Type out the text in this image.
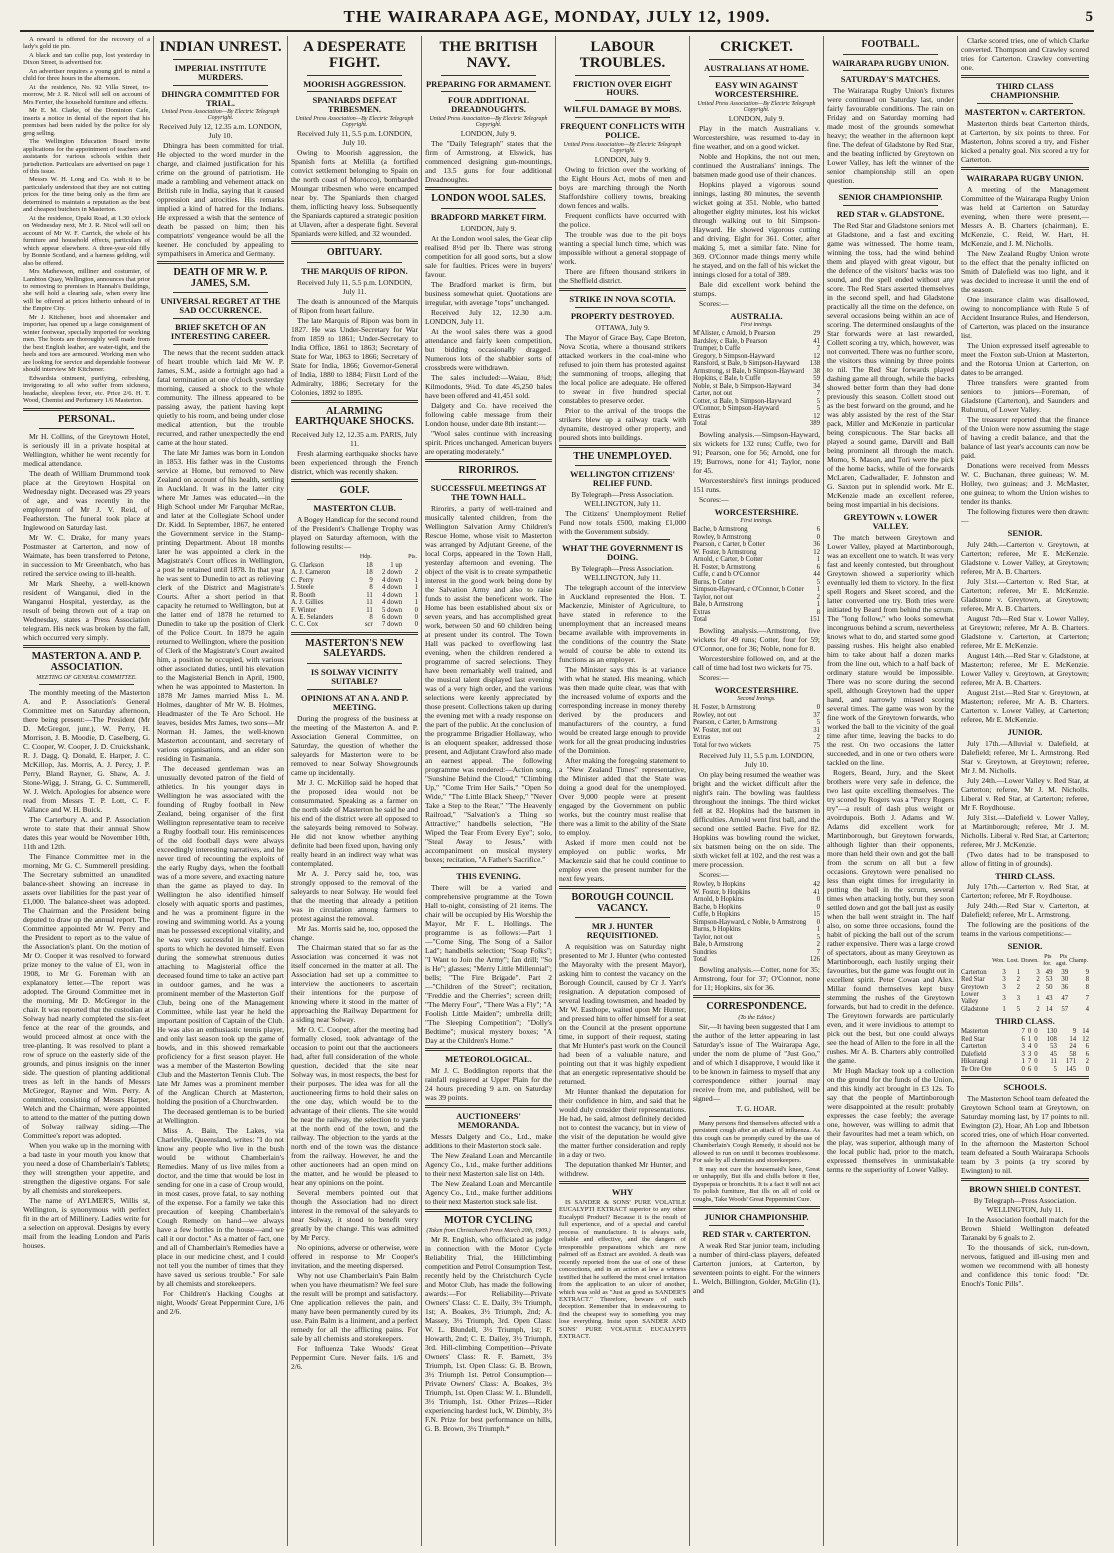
THE WAIRARAPA AGE, MONDAY, JULY 12, 1909.	5

A reward is offered for the recovery of a lady's gold tie pin.

A black and tan collie pup, lost yesterday in Dixon Street, is advertised for.

An advertiser requires a young girl to mind a child for three hours in the afternoon.

At the residence, No. 92 Villa Street, to-morrow, Mr J. R. Nicol will sell on account of Mrs Ferrier, the household furniture and effects.

Mr E. M. Clarke, of the Dominion Cafe, inserts a notice in denial of the report that his premises had been raided by the police for sly grog selling.

The Wellington Education Board invite applications for the appointment of teachers and assistants for various schools within their jurisdiction. Particulars are advertised on page 1 of this issue.

Messrs W. H. Long and Co. wish it to be particularly understood that they are not cutting prices for the time being only as the firm are determined to maintain a reputation as the best and cheapest butchers in Masterton.

At the residence, Opaki Road, at 1.30 o'clock on Wednesday next, Mr J. R. Nicol will sell on account of Mr W. F. Carrick, the whole of his furniture and household effects, particulars of which appear elsewhere. A three-year-old filly by Bonnie Scotland, and a harness gelding, will also be offered.

Mrs Mathewson, milliner and costumier, of Lambton Quay, Wellington, announces that prior to removing to premises in Hannah's Buildings, she will hold a clearing sale, when every line will be offered at prices hitherto unheard of in the Empire City.

Mr J. Kitchener, boot and shoemaker and importer, has opened up a large consignment of winter footwear, specially imported for working men. The boots are thoroughly well made from the best English leather, are water-tight, and the heels and toes are armoured. Working men who are looking for service and dependable footwear should interview Mr Kitchener.

Edwardsia ointment, purifying, refreshing, invigorating to all who suffer from sickness, headache, sleepless fever, etc. Price 2/6. H. T. Wood, Chemist and Perfumery 1/6 Masterton.

PERSONAL.

Mr H. Collins, of the Greytown Hotel, is seriously ill in a private hospital at Wellington, whither he went recently for medical attendance.

The death of William Drummond took place at the Greytown Hospital on Wednesday night. Deceased was 29 years of age, and was recently in the employment of Mr J. V. Reid, of Featherston. The funeral took place at Inglewood on Saturday last.

Mr W. C. Drake, for many years Postmaster at Carterton, and now of Waimate, has been transferred to Petone, in succession to Mr Greenbatch, who has retired the service owing to ill-health.

Mr Mark Sheehy, a well-known resident of Wanganui, died in the Wanganui Hospital, yesterday, as the result of being thrown out of a trap on Wednesday, states a Press Association telegram. His neck was broken by the fall, which occurred very simply.

MASTERTON A. AND P. ASSOCIATION.
MEETING OF GENERAL COMMITTEE.

The monthly meeting of the Masterton A. and P. Association's General Committee met on Saturday afternoon, there being present:—The President (Mr D. McGregor, junr.), W. Perry, H. Morrison, J. B. Moodie, D. Caselberg, G. C. Cooper, W. Cooper, J. D. Cruickshank, R. J. Dagg, Q. Donald, E. Harper, J. C. McKillop, Jas. Morris, A. J. Percy, J. P. Perry, Bland Rayner, G. Shaw, A. J. Stone-Wigg, J. Strang, G. C. Summerell, W. J. Welch. Apologies for absence were read from Messrs T. P. Lott, C. F. Vallance and W. H. Buick.

The Carterbury A. and P. Association wrote to state that their annual Show dates this year would be November 10th, 11th and 12th.

The Finance Committee met in the morning, Mr G. C. Summerell presiding. The Secretary submitted an unaudited balance-sheet showing an increase in assets over liabilities for the past year of £1,000. The balance-sheet was adopted. The Chairman and the President being deputed to draw up the annual report. The Committee appointed Mr W. Perry and the President to report as to the value of the Association's plant. On the motion of Mr O. Cooper it was resolved to forward prize money to the value of £1, won in 1908, to Mr G. Foreman with an explanatory letter.—The report was adopted. The Ground Committee met in the morning, Mr D. McGregor in the chair. It was reported that the custodian at Solway had nearly completed the six-feet fence at the rear of the grounds, and would proceed almost at once with the tree-planting. It was resolved to plant a row of spruce on the easterly side of the grounds, and pinus insignis on the inner side. The question of planting additional trees as left in the hands of Messrs McGregor, Rayner and Wm. Perry. A committee, consisting of Messrs Harper, Welch and the Chairman, were appointed to attend to the matter of the putting down of Solway railway siding.—The Committee's report was adopted.

When you wake up in the morning with a bad taste in your mouth you know that you need a dose of Chamberlain's Tablets; they will strengthen your appetite, and strengthen the digestive organs. For sale by all chemists and storekeepers.

The name of AYLMER'S, Willis st, Wellington, is synonymous with perfect fit in the art of Millinery. Ladies write for a selection on approval. Designs by every mail from the leading London and Paris houses.

INDIAN UNREST.
IMPERIAL INSTITUTE MURDERS.
DHINGRA COMMITTED FOR TRIAL.
United Press Association—By Electric Telegraph Copyright.

Received July 12, 12.35 a.m. LONDON, July 10.

Dhingra has been committed for trial. He objected to the word murder in the charge, and claimed justification for his crime on the ground of patriotism. He made a rambling and vehement attack on British rule in India, saying that it caused oppression and atrocities. His remarks implied a kind of hatred for the Indians. He expressed a wish that the sentence of death be passed on him; then his compatriots' vengeance would be all the keener. He concluded by appealing to sympathisers in America and Germany.

DEATH OF MR W. P. JAMES, S.M.
UNIVERSAL REGRET AT THE SAD OCCURRENCE.
BRIEF SKETCH OF AN INTERESTING CAREER.

The news that the recent sudden attack of heart trouble which laid Mr W. P. James, S.M., aside a fortnight ago had a fatal termination at one o'clock yesterday morning, caused a shock to the whole community. The illness appeared to be passing away, the patient having kept quietly to his room, and being under close medical attention, but the trouble recurred, and rather unexpectedly the end came at the hour stated.

The late Mr James was born in London in 1853. His father was in the Customs service at Home, but removed to New Zealand on account of his health, settling in Auckland. It was in the latter city where Mr James was educated—in the High School under Mr Farquhar McRae, and later at the Collegiate School under Dr. Kidd. In September, 1867, he entered the Government service in the Stamp-printing Department. About 18 months later he was appointed a clerk in the Magistrate's Court offices in Wellington, a post he retained until 1878. In that year he was sent to Dunedin to act as relieving clerk of the District and Magistrate's Courts. After a short period in that capacity he returned to Wellington, but at the latter end of 1878 he returned to Dunedin to take up the position of Clerk of the Police Court. In 1879 he again returned to Wellington, where the position of Clerk of the Magistrate's Court awaited him, a position he occupied, with various other associated duties, until his elevation to the Magisterial Bench in April, 1900, when he was appointed to Masterton. In 1878 Mr James married Miss L. M. Holmes, daughter of Mr W. B. Holmes, Headmaster of the Te Aro School. He leaves, besides Mrs James, two sons—Mr Norman H. James, the well-known Masterton accountant, and secretary of various organisations, and an elder son residing in Tasmania.

The deceased gentleman was an unusually devoted patron of the field of athletics. In his younger days in Wellington he was associated with the founding of Rugby football in New Zealand, being organiser of the first Wellington representative team to receive a Rugby football tour. His reminiscences of the old football days were always exceedingly interesting narratives, and he never tired of recounting the exploits of the early Rugby days, when the football was of a more severe, and exacting nature than the game as played to day. In Wellington he also identified himself closely with aquatic sports and pastimes, and he was a prominent figure in the rowing and swimming world. As a young man he possessed exceptional vitality, and he was very successful in the various sports to which he devoted himself. Even during the somewhat strenuous duties attaching to Magisterial office the deceased found time to take an active part in outdoor games, and he was a prominent member of the Masterton Golf Club, being one of the Management Committee, while last year he held the important position of Captain of the Club. He was also an enthusiastic tennis player, and only last season took up the game of bowls, and in this showed remarkable proficiency for a first season player. He was a member of the Masterton Bowling Club and the Masterton Tennis Club. The late Mr James was a prominent member of the Anglican Church at Masterton, holding the position of a Churchwarden.

The deceased gentleman is to be buried at Wellington.

Miss A. Bain, The Lakes, via Charleville, Queensland, writes: "I do not know any people who live in the bush would be without Chamberlain's Remedies. Many of us live miles from a doctor, and the time that would be lost in sending for one in a case of Croup would, in most cases, prove fatal, to say nothing of the expense. For a family we take this precaution of keeping Chamberlain's Cough Remedy on hand—we always have a few bottles in the house—and we call it our doctor." As a matter of fact, one and all of Chamberlain's Remedies have a place in our medicine chest, and I could not tell you the number of times that they have saved us serious trouble." For sale by all chemists and storekeepers.

For Children's Hacking Coughs at night, Woods' Great Peppermint Cure, 1/6 and 2/6.

A DESPERATE FIGHT.
MOORISH AGGRESSION.
SPANIARDS DEFEAT TRIBESMEN.
United Press Association—By Electric Telegraph Copyright.

Received July 11, 5.5 p.m. LONDON, July 10.

Owing to Moorish aggression, the Spanish forts at Melilla (a fortified convict settlement belonging to Spain on the north coast of Morocco), bombarded Moungar tribesmen who were encamped near by. The Spaniards then charged them, inflicting heavy loss. Subsequently the Spaniards captured a strategic position at Ulaven, after a desperate fight. Several Spaniards were killed, and 32 wounded.

OBITUARY.
THE MARQUIS OF RIPON.

Received July 11, 5.5 p.m. LONDON, July 11.

The death is announced of the Marquis of Ripon from heart failure.

The late Marquis of Ripon was born in 1827. He was Under-Secretary for War from 1859 to 1861; Under-Secretary to India Office, 1861 to 1863; Secretary of State for War, 1863 to 1866; Secretary of State for India, 1866; Governor-General of India, 1880 to 1884; Firstt Lord of the Admiralty, 1886; Secretary for the Colonies, 1892 to 1895.

ALARMING EARTHQUAKE SHOCKS.

Received July 12, 12.35 a.m. PARIS, July 11.

Fresh alarming earthquake shocks have been experienced through the French district, which was recently shaken.

GOLF.
MASTERTON CLUB.

A Bogey Handicap for the second round of the President's Challenge Trophy was played on Saturday afternoon, with the following results:—

	Hdp.		Pts.
G. Clarkson	18	1 up	
A. J. Cameron	18	2 down	2
C. Perry	9	4 down	1
J. Steele	8	4 down	1
R. Booth	11	4 down	1
A. J. Gillies	11	4 down	1
F. Winter	11	5 down	0
A. E. Selanders	8	6 down	0
C. C. Cox	scr	7 down	0
MASTERTON'S NEW SALEYARDS.
IS SOLWAY VICINITY SUITABLE?
OPINIONS AT AN A. AND P. MEETING.

During the progress of the business at the meeting of the Masterton A. and P. Association General Committee, on Saturday, the question of whether the saleyards for Masterton were to be removed to near Solway Showgrounds came up incidentally.

Mr J. C. McKillop said he hoped that the proposed idea would not be consummated. Speaking as a farmer on the north side of Masterton he said he and his end of the district were all opposed to the saleyards being removed to Solway. He did not know whether anything definite had been fixed upon, having only really heard in an indirect way what was contemplated.

Mr A. J. Percy said he, too, was strongly opposed to the removal of the saleyards to near Solway. He would feel that the meeting that already a petition was in circulation among farmers to protest against the removal.

Mr Jas. Morris said he, too, opposed the change.

The Chairman stated that so far as the Association was concerned it was not itself concerned in the matter at all. The Association had set up a committee to interview the auctioneers to ascertain their intentions for the purpose of knowing where it stood in the matter of approaching the Railway Department for a siding near Solway.

Mr O. C. Cooper, after the meeting had formally closed, took advantage of the occasion to point out that the auctioneers had, after full consideration of the whole question, decided that the site near Solway was, in most respects, the best for their purposes. The idea was for all the auctioneering firms to hold their sales on the one day, which would be to the advantage of their clients. The site would be near the railway, the selection to yards at the north end of the town, and the railway. The objection to the yards at the north end of the town was the distance from the railway. However, he and the other auctioneers had an open mind on the matter, and he would be pleased to hear any opinions on the point.

Several members pointed out that though the Association had no direct interest in the removal of the saleyards to near Solway, it stood to benefit very greatly by the change. This was admitted by Mr Percy.

No opinions, adverse or otherwise, were offered in response to Mr Cooper's invitation, and the meeting dispersed.

Why not use Chamberlain's Pain Balm when you have rheumatism? We feel sure the result will be prompt and satisfactory. One application relieves the pain, and many have been permanently cured by its use. Pain Balm is a liniment, and a perfect remedy for all the afflicting pains. For sale by all chemists and storekeepers.

For Influenza Take Woods' Great Peppermint Cure. Never fails. 1/6 and 2/6.

THE BRITISH NAVY.
PREPARING FOR ARMAMENT.
FOUR ADDITIONAL DREADNOUGHTS.
United Press Association—By Electric Telegraph Copyright.

LONDON, July 9.

The "Daily Telegraph" states that the firm of Armstrong, at Elswick, has commenced designing gun-mountings, and 13.5 guns for four additional Dreadnoughts.

LONDON WOOL SALES.
BRADFORD MARKET FIRM.

LONDON, July 9.

At the London wool sales, the Gear clip realised 8½d per lb. There was strong competition for all good sorts, but a slow sale for faulties. Prices were in buyers' favour.

The Bradford market is firm, but business somewhat quiet. Quotations are irregular, with average "tops" unchanged.

Received July 12, 12.30 a.m. LONDON, July 11.

At the wool sales there was a good attendance and fairly keen competition, but bidding occasionally dragged. Numerous lots of the shabbier sorts of crossbreds were withdrawn.

The sales included:—Waiau, 8¾d; Kilmodonts, 9¼d. To date 45,250 bales have been offered and 41,451 sold.

Dalgety and Co. have received the following cable message from their London house, under date 8th instant:—

"Wool sales continue with increasing spirit. Prices unchanged. American buyers are operating moderately."

RIRORIROS.
SUCCESSFUL MEETINGS AT THE TOWN HALL.

Rirorirs, a party of well-trained and musically talented children, from the Wellington Salvation Army Children's Rescue Home, whose visit to Masterton was arranged by Adjutant Greene, of the local Corps, appeared in the Town Hall, yesterday afternoon and evening. The object of the visit is to create sympathetic interest in the good work being done by the Salvation Army and also to raise funds to assist the beneficent work. The Home has been established about six or seven years, and has accomplished great work, between 50 and 60 children being at present under its control. The Town Hall was packed to overflowing last evening, when the children rendered a programme of sacred selections. They have been remarkably well trained, and the musical talent displayed last evening was of a very high order, and the various selections were keenly appreciated by those present. Collections taken up during the evening met with a ready response on the part of the public. At the conclusion of the programme Brigadier Hollaway, who is an eloquent speaker, addressed those present, and Adjutant Crawford also made an earnest appeal. The following programme was rendered:—Action song, "Sunshine Behind the Cloud," "Climbing Up," "Come Trim Her Sails," "Open So Wide," "The Little Black Sheep," "Never Take a Step to the Rear," "The Heavenly Railroad," "Salvation's a Thing so Attractive;" handbells selection, "He Wiped the Tear From Every Eye"; solo, "Steal Away to Jesus," with accompaniment on musical mystery boxes; recitation, "A Father's Sacrifice."

THIS EVENING.

There will be a varied and comprehensive programme at the Town Hall to-night, consisting of 21 items. The chair will be occupied by His Worship the Mayor, Mr F. L. Hollings. The programme is as follows:—Part 1—"Come Sing, The Song of a Sailor Lad"; handbells selection; "Soap Folks"; "I Want to Join the Army"; fan drill; "So is He"; glasses; "Merry Little Millennial"; bells; "The Fire Brigade". Part 2—"Children of the Street"; recitation, "Freddie and the Cherries"; screen drill; "The Merry Four", "There Was a Fly"; "A Foolish Little Maiden"; umbrella drill; "The Sleeping Competition"; "Dolly's Bedtime"; musical mystery boxes; "A Day at the Children's Home."

METEOROLOGICAL.

Mr J. C. Boddington reports that the rainfall registered at Upper Plain for the 24 hours preceding 9 a.m. on Saturday was 39 points.

AUCTIONEERS' MEMORANDA.

Messrs Dalgety and Co., Ltd., make additions to their Masterton stock sale.

The New Zealand Loan and Mercantile Agency Co., Ltd., make further additions to their next Masterton sale list on 14th.

The New Zealand Loan and Mercantile Agency Co., Ltd., make further additions to their next Masterton stock sale list.

MOTOR CYCLING
(Taken from Christchurch Press March 20th, 1909.)

Mr R. English, who officiated as judge in connection with the Motor Cycle Reliability Trial, the Hillclimbing competition and Petrol Consumption Test, recently held by the Christchurch Cycle and Motor Club, has made the following awards:—For Reliability—Private Owners' Class: C. E. Daily, 3½ Triumph, 1st; A. Boakes, 3½ Triumph, 2nd; A. Massey, 3½ Triumph, 3rd. Open Class: W. L. Blundell, 3½ Triumph, 1st; F. Howarth, 2nd; C. E. Dailey, 3½ Triumph, 3rd. Hill-climbing Competition—Private Owners' Class: R. F. Barnett, 3½ Triumph, 1st. Open Class: G. B. Brown, 3½ Triumph 1st. Petrol Consumption—Private Owners' Class: A. Boakes, 3½ Triumph, 1st. Open Class: W. L. Blundell, 3½ Triumph, 1st. Other Prizes—Rider experiencing hardest luck, W. Dimbly, 3½ F.N. Prize for best performance on hills, G. B. Brown, 3½ Triumph.*

LABOUR TROUBLES.
FRICTION OVER EIGHT HOURS.
WILFUL DAMAGE BY MOBS.
FREQUENT CONFLICTS WITH POLICE.
United Press Association—By Electric Telegraph Copyright.

LONDON, July 9.

Owing to friction over the working of the Eight Hours Act, mobs of men and boys are marching through the North Staffordshire colliery towns, breaking down fences and walls.

Frequent conflicts have occurred with the police.

The trouble was due to the pit boys wanting a special lunch time, which was impossible without a general stoppage of work.

There are fifteen thousand strikers in the Sheffield district.

STRIKE IN NOVA SCOTIA.
PROPERTY DESTROYED.

OTTAWA, July 9.

The Mayor of Grace Bay, Cape Breton, Nova Scotia, where a thousand strikers attacked workers in the coal-mine who refused to join them has protested against the summoning of troops, alleging that the local police are adequate. He offered to swear in five hundred special constables to preserve order.

Prior to the arrival of the troops the strikers blew up a railway track with dynamite, destroyed other property, and poured shots into buildings.

THE UNEMPLOYED.
WELLINGTON CITIZENS' RELIEF FUND.

By Telegraph—Press Association. WELLINGTON, July 11.

The Citizens' Unemployment Relief Fund now totals £500, making £1,000 with the Government subsidy.

WHAT THE GOVERNMENT IS DOING.

By Telegraph—Press Association. WELLINGTON, July 11.

The telegraph account of the interview in Auckland represented the Hon. T. Mackenzie, Minister of Agriculture, to have stated in reference to the unemployment that an increased means became available with improvements in the conditions of the country the State would of course be able to extend its functions as an employer.

The Minister says this is at variance with what he stated. His meaning, which was then made quite clear, was that with the increased volume of exports and the corresponding increase in money thereby derived by the producers and manufacturers of the country, a fund would be created large enough to provide work for all the great producing industries of the Dominion.

After making the foregoing statement to a "New Zealand Times" representative, the Minister added that the State was doing a good deal for the unemployed. Over 9,000 people were at present engaged by the Government on public works, but the country must realise that there was a limit to the ability of the State to employ.

Asked if more men could not be employed on public works, Mr Mackenzie said that he could continue to employ even the present number for the next few years.

BOROUGH COUNCIL VACANCY.
MR J. HUNTER REQUISITIONED.

A requisition was on Saturday night presented to Mr J. Hunter (who contested the Mayoralty with the present Mayor), asking him to contest the vacancy on the Borough Council, caused by Cr J. Yarr's resignation. A deputation composed of several leading townsmen, and headed by Mr W. Easthope, waited upon Mr Hunter, and pressed him to offer himself for a seat on the Council at the present opportune time, in support of their request, stating that Mr Hunter's past work on the Council had been of a valuable nature, and pointing out that it was highly expedient that an energetic representative should be returned.

Mr Hunter thanked the deputation for their confidence in him, and said that he would duly consider their representations. He had, he said, almost definitely decided not to contest the vacancy, but in view of the visit of the deputation he would give the matter further consideration and reply in a day or two.

The deputation thanked Mr Hunter, and withdrew.

WHY

IS SANDER & SONS' PURE VOLATILE EUCALYPTI EXTRACT superior to any other Eucalypti Product? Because it is the result of full experience, and of a special and careful process of manufacture. It is always safe, reliable and effective, and the dangers of irresponsible preparations which are now palmed off as Extract are avoided. A death was recently reported from the use of one of these concoctions, and in an action at law a witness testified that he suffered the most cruel irritation from the application to an ulcer of another, which was sold as "Just as good as SANDER'S EXTRACT." Therefore, beware of such deception. Remember that in endeavouring to find the cheapest way to something you may lose everything. Insist upon SANDER AND SONS' PURE VOLATILE EUCALYPTI EXTRACT.

CRICKET.
AUSTRALIANS AT HOME.
EASY WIN AGAINST WORCESTERSHIRE.
United Press Association—By Electric Telegraph Copyright.

LONDON, July 9.

Play in the match Australians v. Worcestershire, was resumed to-day in fine weather, and on a good wicket.

Noble and Hopkins, the not out men, continued the Australians' innings. The batsmen made good use of their chances.

Hopkins played a vigorous sound innings, lasting 80 minutes, the seventh wicket going at 351. Noble, who batted altogether eighty minutes, lost his wicket through walking out to hit Simpson-Hayward. He showed vigorous cutting and driving. Eight for 361. Cotter, after making 5, met a similar fate. Nine for 369. O'Connor made things merry while he stayed, and on the fall of his wicket the innings closed for a total of 389.

Bale did excellent work behind the stumps.

Scores:—

AUSTRALIA.
First innings.
M'Alister, c Arnold, b Pearson	29
Bardsley, c Bale, b Pearson	41
Trumper, b Cuffe	7
Gregory, b Simpson-Hayward	12
Ransford, st Bale, b Simpson-Hayward	138
Armstrong, st Bale, b Simpson-Hayward	38
Hopkins, c Bale, b Cuffe	59
Noble, st Bale, b Simpson-Hayward	34
Carter, not out	7
Cotter, st Bale, b Simpson-Hayward	5
O'Connor, b Simpson-Hayward	5
Extras	12
Total	389

Bowling analysis.—Simpson-Hayward, six wickets for 132 runs; Cuffe, two for 91; Pearson, one for 56; Arnold, one for 19; Burrows, none for 41; Taylor, none for 45.

Worcestershire's first innings produced 151 runs.

Scores:—

WORCESTERSHIRE.
First innings.
Bache, b Armstrong	6
Rowley, b Armstrong	0
Pearson, c Carter, b Cotter	36
W. Foster, b Armstrong	12
Arnold, c Carter, b Cotter	1
H. Foster, b Armstrong	6
Cuffe, c and b O'Connor	44
Burns, b Cotter	5
Simpson-Hayward, c O'Connor, b Cotter	1
Taylor, not out	2
Bale, b Armstrong	1
Extras	8
Total	151

Bowling analysis.—Armstrong, five wickets for 49 runs; Cotter, four for 59; O'Connor, one for 36; Noble, none for 8.

Worcestershire followed on, and at the call of time had lost two wickets for 75.

Scores:—

WORCESTERSHIRE.
Second Innings.
H. Foster, b Armstrong	0
Rowley, not out	37
Pearson, c Carter, b Armstrong	5
W. Foster, not out	31
Extras	2
Total for two wickets	75

Received July 11, 5.5 p.m. LONDON, July 10.

On play being resumed the weather was bright and the wicket difficult after the night's rain. The bowling was faultless throughout the innings. The third wicket fell at 82. Hopkins had the batsmen in difficulties. Arnold went first ball, and the second one settled Bache. Five for 82. Hopkins was bowling round the wicket, six batsmen being on the on side. The sixth wicket fell at 102, and the rest was a mere procession.

Scores:—

Rowley, b Hopkins	42
W. Foster, b Hopkins	41
Arnold, b Hopkins	0
Bache, b Hopkins	0
Cuffe, b Hopkins	15
Simpson-Hayward, c Noble, b Armstrong	0
Burns, b Hopkins	1
Taylor, not out	5
Bale, b Armstrong	2
Sundries	7
Total	126

Bowling analysis.—Cotter, none for 35; Armstrong, four for 37; O'Connor, none for 11; Hopkins, six for 36.

CORRESPONDENCE.
(To the Editor.)

Sir,—It having been suggested that I am the author of the letter appearing in last Saturday's issue of The Wairarapa Age, under the nom de plume of "Just Goo," and of which I disapprove, I would like it to be known in fairness to myself that any correspondence either journal may receive from me, and published, will be signed—

T. G. HOAR.

Many persons find themselves affected with a persistent cough after an attack of influenza. As this cough can be promptly cured by the use of Chamberlain's Cough Remedy, it should not be allowed to run on until it becomes troublesome. For sale by all chemists and storekeepers.

It may not cure the housemaid's knee, Great or unhappily, But ills and chills before it flee, Dyspepsia or bronchitis. It is a fact it will not act To polish furniture, But ills on all of cold or coughs, Take Woods' Great Peppermint Cure.

JUNIOR CHAMPIONSHIP.
RED STAR v. CARTERTON.

A weak Red Star junior team, including a number of third-class players, defeated Carterton juniors, at Carterton, by seventeen points to eight. For the winners L. Welch, Billington, Golder, McGlin (1), and

FOOTBALL.
WAIRARAPA RUGBY UNION.
SATURDAY'S MATCHES.

The Wairarapa Rugby Union's fixtures were continued on Saturday last, under fairly favourable conditions. The rain on Friday and on Saturday morning had made most of the grounds somewhat heavy; the weather in the afternoon kept fine. The defeat of Gladstone by Red Star, and the beating inflicted by Greytown on Lower Valley, has left the winner of the senior championship still an open question.

SENIOR CHAMPIONSHIP.
RED STAR v. GLADSTONE.

The Red Star and Gladstone seniors met at Gladstone, and a fast and exciting game was witnessed. The home team, winning the toss, had the wind behind them and played with great vigour, but the defence of the visitors' backs was too sound, and the spell ended without any score. The Red Stars asserted themselves in the second spell, and had Gladstone practically all the time on the defence, on several occasions being within an ace of scoring. The determined onslaughts of the Star forwards were at last rewarded, Collett scoring a try, which, however, was not converted. There was no further score, the visitors thus winning by three points to nil. The Red Star forwards played dashing game all through, while the backs showed better form than they had done previously this season. Collett stood out as the best forward on the ground, and he was ably assisted by the rest of the Star pack, Miller and McKenzie in particular being conspicuous. The Star backs all played a sound game, Darvill and Ball being prominent all through the match. Momo, S. Mason, and Tori were the pick of the home backs, while of the forwards McLaren, Cadwallader, F. Johnston and G. Saxton put in splendid work. Mr E. McKenzie made an excellent referee, being most impartial in his decisions.

GREYTOWN v. LOWER VALLEY.

The match between Greytown and Lower Valley, played at Martinborough, was an excellent one to watch. It was very fast and keenly contested, but throughout Greytown showed a superiority which eventually led them to victory. In the first spell Rogers and Skeet scored, and the latter converted one try. Both tries were initiated by Beard from behind the scrum. The "long follow," who looks somewhat incongruous behind a scrum, nevertheless knows what to do, and started some good passing rushes. His height also enabled him to take about half a dozen marks from the line out, which to a half back of ordinary stature would be impossible. There was no score during the second spell, although Greytown had the upper hand, and narrowly missed scoring several times. The game was won by the fine work of the Greytown forwards, who worked the ball to the vicinity of the goal time after time, leaving the backs to do the rest. On two occasions the latter succeeded, and in one or two others were tackled on the line.

Rogers, Beard, Jury, and the Skeet brothers were very safe in defence, the two last quite excelling themselves. The try scored by Rogers was a "Percy Rogers try"—a result of dash plus weight or avoirdupois. Both J. Adams and W. Adams did excellent work for Martinborough, but Greytown forwards, although lighter than their opponents, more than held their own and got the ball from the scrum on all but a few occasions. Greytown were penalised no less than eight times for irregularity in putting the ball in the scrum, several times when attacking hotly, but they soon settled down and got the ball just as easily when the ball went straight in. The half also, on some three occasions, found the habit of picking the ball out of the scrum rather expensive. There was a large crowd of spectators, about as many Greytown as Martinborough, each lustily urging their favourites, but the game was fought out in excellent spirit. Peter Cowan and Alex. Millar found themselves kept busy stemming the rushes of the Greytown forwards, but had to credit in the defence. The Greytown forwards are particularly even, and it were invidious to attempt to pick out the best, but one could always see the head of Allen to the fore in all the rushes. Mr A. B. Charters ably controlled the game.

Mr Hugh Mackay took up a collection on the ground for the funds of the Union, and this kindly act brought in £3 12s. To say that the people of Martinborough were disappointed at the result: probably expresses the case feebly; the average one, however, was willing to admit that their favourites had met a team which, on the play, was superior, although many of the local public had, prior to the match, expressed themselves in unmistakable terms re the superiority of Lower Valley.

Clarke scored tries, one of which Clarke converted. Thompson and Crawley scored tries for Carterton. Crawley converting one.

THIRD CLASS CHAMPIONSHIP.
MASTERTON v. CARTERTON.

Masterton thirds beat Carterton thirds, at Carterton, by six points to three. For Masterton, Johns scored a try, and Fisher kicked a penalty goal. Nix scored a try for Carterton.

WAIRARAPA RUGBY UNION.

A meeting of the Management Committee of the Wairarapa Rugby Union was held at Carterton on Saturday evening, when there were present,—Messrs A. B. Charters (chairman), E. McKenzie, C. Reid, W. Hart, H. McKenzie, and J. M. Nicholls.

The New Zealand Rugby Union wrote to the effect that the penalty inflicted on Smith of Dalefield was too light, and it was decided to increase it until the end of the season.

One insurance claim was disallowed, owing to noncompliance with Rule 5 of Accident Insurance Rules, and Henderson, of Carterton, was placed on the insurance list.

The Union expressed itself agreeable to meet the Foxton sub-Union at Masterton, and the Rotorua Union at Carterton, on dates to be arranged.

Three transfers were granted from seniors to juniors—Foreman, of Gladstone (Carterton), and Saunders and Ruhuruu, of Lower Valley.

The treasurer reported that the finance of the Union were now assuming the stage of having a credit balance, and that the balance of last year's accounts can now be paid.

Donations were received from Messrs W. C. Buchanan, three guineas; W. M. Holley, two guineas; and J. McMaster, one guinea; to whom the Union wishes to tender its thanks.

The following fixtures were then drawn:—

SENIOR.

July 24th.—Carterton v. Greytown, at Carterton; referee, Mr E. McKenzie. Gladstone v. Lower Valley, at Greytown; referee, Mr A. B. Charters.

July 31st.—Carterton v. Red Star, at Carterton; referee, Mr E. McKenzie. Gladstone v. Greytown, at Greytown; referee, Mr A. B. Charters.

August 7th—Red Star v. Lower Valley, at Greytown; referee, Mr A. B. Charters. Gladstone v. Carterton, at Carterton; referee, Mr E. McKenzie.

August 14th.—Red Star v. Gladstone, at Masterton; referee, Mr E. McKenzie. Lower Valley v. Greytown, at Greytown; referee, Mr A. B. Charters.

August 21st.—Red Star v. Greytown, at Masterton; referee, Mr A. B. Charters. Carterton v. Lower Valley, at Carterton; referee, Mr E. McKenzie.

JUNIOR.

July 17th.—Alluvial v. Dalefield, at Dalefield; referee, Mr L. Armstrong. Red Star v. Greytown, at Greytown; referee, Mr J. M. Nicholls.

July 24th.—Lower Valley v. Red Star, at Carterton; referee, Mr J. M. Nicholls. Liberal v. Red Star, at Carterton; referee, Mr F. Roydhouse.

July 31st.—Dalefield v. Lower Valley, at Martinborough; referee, Mr J. M. Nicholls. Liberal v. Red Star, at Carterton; referee, Mr J. McKenzie.

(Two dates had to be transposed to allow of fitting in of grounds).

THIRD CLASS.

July 17th.—Carterton v. Red Star, at Carterton; referee, Mr F. Roydhouse.

July 24th.—Red Star v. Carterton, at Dalefield; referee, Mr L. Armstrong.

The following are the positions of the teams in the various competitions:—

SENIOR.
	Won.	Lost.	Drawn.	Pts for.	Pts agst.	Champ.
Carterton	3	1	3	49	39	9
Red Star	3	2	2	53	30	8
Greytown	3	2	2	50	36	8
Lower Valley	3	3	1	43	47	7
Gladstone	1	5	2	14	57	4
THIRD CLASS.
Masterton	7	0	0	130	9	14
Red Star	6	1	0	108	14	12
Carterton	3	4	0	53	24	6
Dalefield	3	3	0	45	58	6
Hikurangi	1	7	0	11	171	2
Te Ore Ore	0	6	0	5	145	0
SCHOOLS.

The Masterton School team defeated the Greytown School team at Greytown, on Saturday morning last, by 17 points to nil. Ewington (2), Hoar, Ah Lop and Ibbetson scored tries, one of which Hoar converted. In the afternoon the Masterton School team defeated a South Wairarapa Schools team by 3 points (a try scored by Ewington) to nil.

BROWN SHIELD CONTEST.

By Telegraph—Press Association. WELLINGTON, July 11.

In the Association football match for the Brown Shield Wellington defeated Taranaki by 6 goals to 2.

To the thousands of sick, run-down, nervous, fatigued and ill-using men and women we recommend with all honesty and confidence this tonic food: "Dr. Enoch's Tonic Pills".
